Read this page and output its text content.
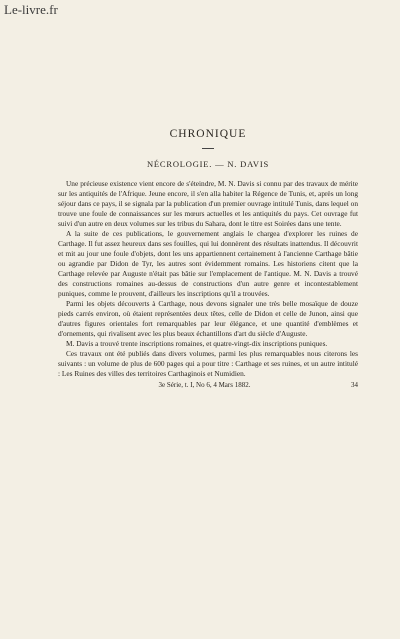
Le-livre.fr
CHRONIQUE
NÉCROLOGIE. — N. DAVIS

Une précieuse existence vient encore de s'éteindre, M. N. Davis si connu par des travaux de mérite sur les antiquités de l'Afrique. Jeune encore, il s'en alla habiter la Régence de Tunis, et, après un long séjour dans ce pays, il se signala par la publication d'un premier ouvrage intitulé Tunis, dans lequel on trouve une foule de connaissances sur les mœurs actuelles et les antiquités du pays. Cet ouvrage fut suivi d'un autre en deux volumes sur les tribus du Sahara, dont le titre est Soirées dans une tente.

A la suite de ces publications, le gouvernement anglais le chargea d'explorer les ruines de Carthage. Il fut assez heureux dans ses fouilles, qui lui donnèrent des résultats inattendus. Il découvrit et mit au jour une foule d'objets, dont les uns appartiennent certainement à l'ancienne Carthage bâtie ou agrandie par Didon de Tyr, les autres sont évidemment romains. Les historiens citent que la Carthage relevée par Auguste n'était pas bâtie sur l'emplacement de l'antique. M. N. Davis a trouvé des constructions romaines au-dessus de constructions d'un autre genre et incontestablement puniques, comme le prouvent, d'ailleurs les inscriptions qu'il a trouvées.

Parmi les objets découverts à Carthage, nous devons signaler une très belle mosaïque de douze pieds carrés environ, où étaient représentées deux têtes, celle de Didon et celle de Junon, ainsi que d'autres figures orientales fort remarquables par leur élégance, et une quantité d'emblèmes et d'ornements, qui rivalisent avec les plus beaux échantillons d'art du siècle d'Auguste.

M. Davis a trouvé trente inscriptions romaines, et quatre-vingt-dix inscriptions puniques.

Ces travaux ont été publiés dans divers volumes, parmi les plus remarquables nous citerons les suivants : un volume de plus de 600 pages qui a pour titre : Carthage et ses ruines, et un autre intitulé : Les Ruines des villes des territoires Carthaginois et Numidien.

3e Série, t. I, No 6, 4 Mars 1882.	34
